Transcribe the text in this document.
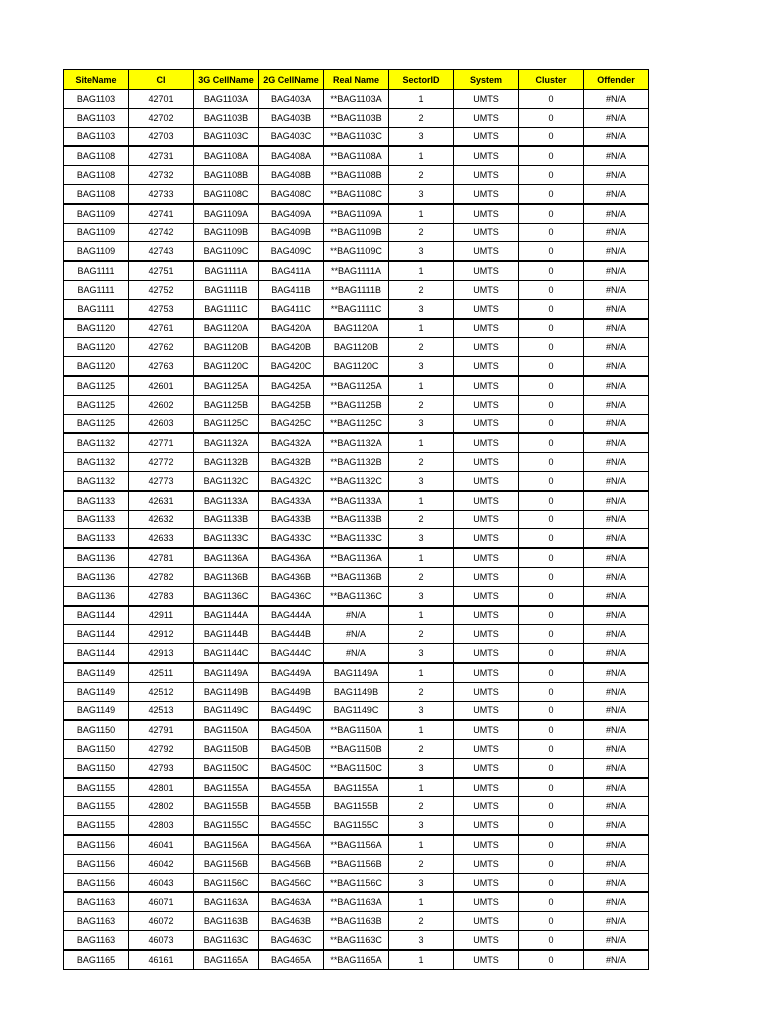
SiteName	CI	3G CellName	2G CellName	Real Name	SectorID	System	Cluster	Offender
BAG1103	42701	BAG1103A	BAG403A	**BAG1103A	1	UMTS	0	#N/A
BAG1103	42702	BAG1103B	BAG403B	**BAG1103B	2	UMTS	0	#N/A
BAG1103	42703	BAG1103C	BAG403C	**BAG1103C	3	UMTS	0	#N/A
BAG1108	42731	BAG1108A	BAG408A	**BAG1108A	1	UMTS	0	#N/A
BAG1108	42732	BAG1108B	BAG408B	**BAG1108B	2	UMTS	0	#N/A
BAG1108	42733	BAG1108C	BAG408C	**BAG1108C	3	UMTS	0	#N/A
BAG1109	42741	BAG1109A	BAG409A	**BAG1109A	1	UMTS	0	#N/A
BAG1109	42742	BAG1109B	BAG409B	**BAG1109B	2	UMTS	0	#N/A
BAG1109	42743	BAG1109C	BAG409C	**BAG1109C	3	UMTS	0	#N/A
BAG1111	42751	BAG1111A	BAG411A	**BAG1111A	1	UMTS	0	#N/A
BAG1111	42752	BAG1111B	BAG411B	**BAG1111B	2	UMTS	0	#N/A
BAG1111	42753	BAG1111C	BAG411C	**BAG1111C	3	UMTS	0	#N/A
BAG1120	42761	BAG1120A	BAG420A	BAG1120A	1	UMTS	0	#N/A
BAG1120	42762	BAG1120B	BAG420B	BAG1120B	2	UMTS	0	#N/A
BAG1120	42763	BAG1120C	BAG420C	BAG1120C	3	UMTS	0	#N/A
BAG1125	42601	BAG1125A	BAG425A	**BAG1125A	1	UMTS	0	#N/A
BAG1125	42602	BAG1125B	BAG425B	**BAG1125B	2	UMTS	0	#N/A
BAG1125	42603	BAG1125C	BAG425C	**BAG1125C	3	UMTS	0	#N/A
BAG1132	42771	BAG1132A	BAG432A	**BAG1132A	1	UMTS	0	#N/A
BAG1132	42772	BAG1132B	BAG432B	**BAG1132B	2	UMTS	0	#N/A
BAG1132	42773	BAG1132C	BAG432C	**BAG1132C	3	UMTS	0	#N/A
BAG1133	42631	BAG1133A	BAG433A	**BAG1133A	1	UMTS	0	#N/A
BAG1133	42632	BAG1133B	BAG433B	**BAG1133B	2	UMTS	0	#N/A
BAG1133	42633	BAG1133C	BAG433C	**BAG1133C	3	UMTS	0	#N/A
BAG1136	42781	BAG1136A	BAG436A	**BAG1136A	1	UMTS	0	#N/A
BAG1136	42782	BAG1136B	BAG436B	**BAG1136B	2	UMTS	0	#N/A
BAG1136	42783	BAG1136C	BAG436C	**BAG1136C	3	UMTS	0	#N/A
BAG1144	42911	BAG1144A	BAG444A	#N/A	1	UMTS	0	#N/A
BAG1144	42912	BAG1144B	BAG444B	#N/A	2	UMTS	0	#N/A
BAG1144	42913	BAG1144C	BAG444C	#N/A	3	UMTS	0	#N/A
BAG1149	42511	BAG1149A	BAG449A	BAG1149A	1	UMTS	0	#N/A
BAG1149	42512	BAG1149B	BAG449B	BAG1149B	2	UMTS	0	#N/A
BAG1149	42513	BAG1149C	BAG449C	BAG1149C	3	UMTS	0	#N/A
BAG1150	42791	BAG1150A	BAG450A	**BAG1150A	1	UMTS	0	#N/A
BAG1150	42792	BAG1150B	BAG450B	**BAG1150B	2	UMTS	0	#N/A
BAG1150	42793	BAG1150C	BAG450C	**BAG1150C	3	UMTS	0	#N/A
BAG1155	42801	BAG1155A	BAG455A	BAG1155A	1	UMTS	0	#N/A
BAG1155	42802	BAG1155B	BAG455B	BAG1155B	2	UMTS	0	#N/A
BAG1155	42803	BAG1155C	BAG455C	BAG1155C	3	UMTS	0	#N/A
BAG1156	46041	BAG1156A	BAG456A	**BAG1156A	1	UMTS	0	#N/A
BAG1156	46042	BAG1156B	BAG456B	**BAG1156B	2	UMTS	0	#N/A
BAG1156	46043	BAG1156C	BAG456C	**BAG1156C	3	UMTS	0	#N/A
BAG1163	46071	BAG1163A	BAG463A	**BAG1163A	1	UMTS	0	#N/A
BAG1163	46072	BAG1163B	BAG463B	**BAG1163B	2	UMTS	0	#N/A
BAG1163	46073	BAG1163C	BAG463C	**BAG1163C	3	UMTS	0	#N/A
BAG1165	46161	BAG1165A	BAG465A	**BAG1165A	1	UMTS	0	#N/A
